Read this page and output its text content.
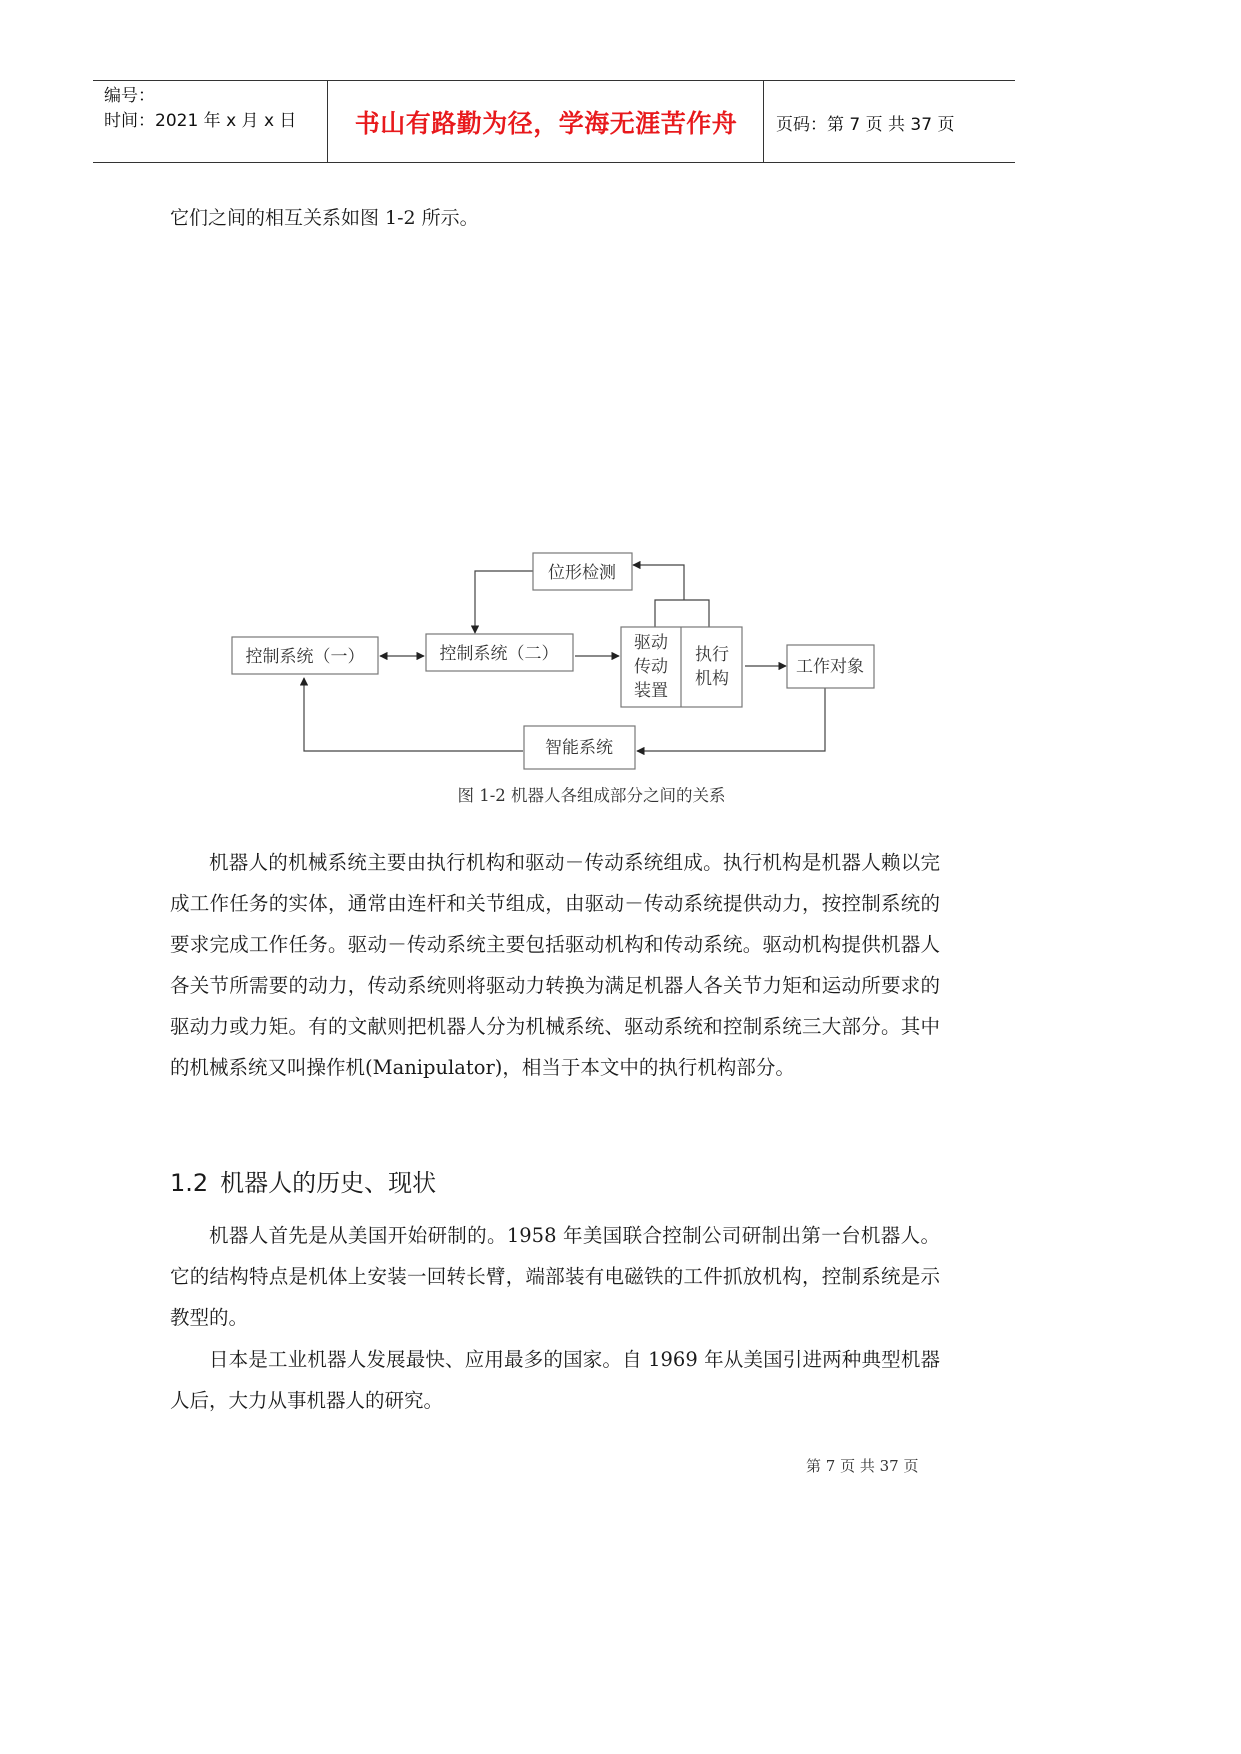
编号：
时间：2021 年 x 月 x 日	书山有路勤为径，学海无涯苦作舟	页码：第 7 页 共 37 页
它们之间的相互关系如图 1-2 所示。
位形检测
控制系统（一）	控制系统（二）
驱动
传动
装置
执行
机构
工作对象
智能系统
图 1-2 机器人各组成部分之间的关系

机器人的机械系统主要由执行机构和驱动－传动系统组成。执行机构是机器人赖以完成工作任务的实体，通常由连杆和关节组成，由驱动－传动系统提供动力，按控制系统的要求完成工作任务。驱动－传动系统主要包括驱动机构和传动系统。驱动机构提供机器人各关节所需要的动力，传动系统则将驱动力转换为满足机器人各关节力矩和运动所要求的驱动力或力矩。有的文献则把机器人分为机械系统、驱动系统和控制系统三大部分。其中的机械系统又叫操作机(Manipulator)，相当于本文中的执行机构部分。

1.2 机器人的历史、现状

机器人首先是从美国开始研制的。1958 年美国联合控制公司研制出第一台机器人。它的结构特点是机体上安装一回转长臂，端部装有电磁铁的工件抓放机构，控制系统是示教型的。

日本是工业机器人发展最快、应用最多的国家。自 1969 年从美国引进两种典型机器人后，大力从事机器人的研究。

第 7 页 共 37 页
